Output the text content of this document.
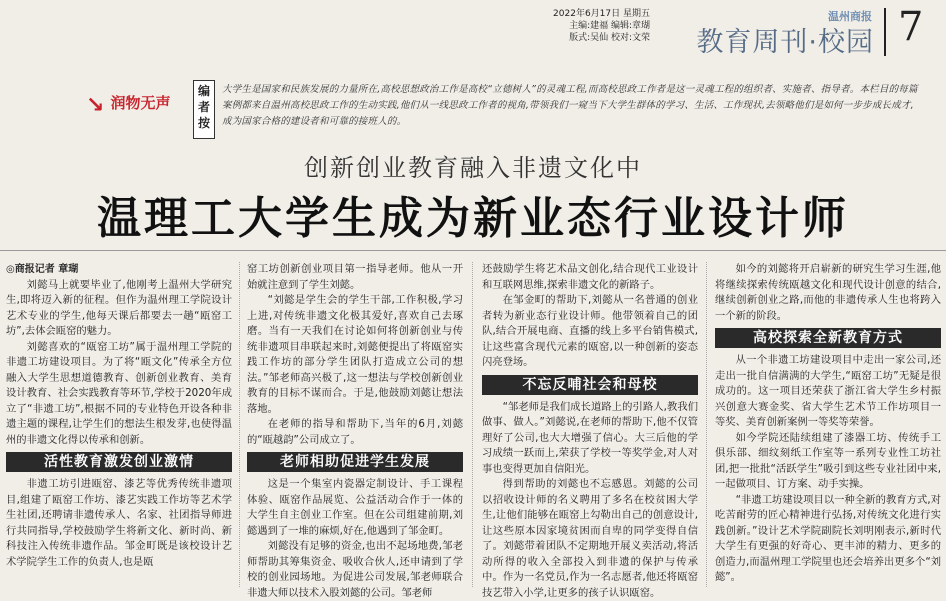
2022年6月17日 星期五
主编:建福 编辑:章瑚
版式:吴仙 校对:文荣
温州商报
教育周刊·校园 7
↘ 润物无声
编者按
大学生是国家和民族发展的力量所在,高校思想政治工作是高校“立德树人”的灵魂工程,而高校思政工作者是这一灵魂工程的组织者、实施者、指导者。本栏目的每篇案例都来自温州高校思政工作的生动实践,他们从一线思政工作者的视角,带领我们一窥当下大学生群体的学习、生活、工作现状,去领略他们是如何一步步成长成才,成为国家合格的建设者和可靠的接班人的。
创新创业教育融入非遗文化中
温理工大学生成为新业态行业设计师

◎商报记者 章瑚

刘懿马上就要毕业了,他刚考上温州大学研究生,即将迈入新的征程。但作为温州理工学院设计艺术专业的学生,他每天课后都要去一趟“瓯窑工坊”,去体会瓯窑的魅力。

刘懿喜欢的“瓯窑工坊”属于温州理工学院的非遗工坊建设项目。为了将“瓯文化”传承全方位融入大学生思想道德教育、创新创业教育、美育设计教育、社会实践教育等环节,学校于2020年成立了“非遗工坊”,根据不同的专业特色开设各种非遗主题的课程,让学生们的想法生根发芽,也使得温州的非遗文化得以传承和创新。

活性教育激发创业激情

非遗工坊引进瓯窑、漆艺等优秀传统非遗项目,组建了瓯窑工作坊、漆艺实践工作坊等艺术学生社团,还聘请非遗传承人、名家、社团指导师进行共同指导,学校鼓励学生将新文化、新时尚、新科技注入传统非遗作品。邹金町既是该校设计艺术学院学生工作的负责人,也是瓯

窑工坊创新创业项目第一指导老师。他从一开始就注意到了学生刘懿。

“刘懿是学生会的学生干部,工作积极,学习上进,对传统非遗文化极其爱好,喜欢自己去琢磨。当有一天我们在讨论如何将创新创业与传统非遗项目串联起来时,刘懿便提出了将瓯窑实践工作坊的部分学生团队打造成立公司的想法。”邹老师高兴极了,这一想法与学校创新创业教育的目标不谋而合。于是,他鼓励刘懿让想法落地。

在老师的指导和帮助下,当年的6月,刘懿的“瓯越韵”公司成立了。

老师相助促进学生发展

这是一个集室内瓷器定制设计、手工课程体验、瓯窑作品展览、公益活动合作于一体的大学生自主创业工作室。但在公司组建前期,刘懿遇到了一堆的麻烦,好在,他遇到了邹金町。

刘懿没有足够的资金,也出不起场地费,邹老师帮助其筹集资金、吸收合伙人,还申请到了学校的创业园场地。为促进公司发展,邹老师联合非遗大师以技术入股刘懿的公司。邹老师

还鼓励学生将艺术品文创化,结合现代工业设计和互联网思维,探索非遗文化的新路子。

在邹金町的帮助下,刘懿从一名普通的创业者转为新业态行业设计师。他带领着自己的团队,结合开展电商、直播的线上多平台销售模式,让这些富含现代元素的瓯窑,以一种创新的姿态闪亮登场。

不忘反哺社会和母校

“邹老师是我们成长道路上的引路人,教我们做事、做人。”刘懿说,在老师的帮助下,他不仅管理好了公司,也大大增强了信心。大三后他的学习成绩一跃而上,荣获了学校一等奖学金,对人对事也变得更加自信阳光。

得到帮助的刘懿也不忘感恩。刘懿的公司以招收设计师的名义聘用了多名在校贫困大学生,让他们能够在瓯窑上勾勒出自己的创意设计,让这些原本因家境贫困而自卑的同学变得自信了。刘懿带着团队不定期地开展义卖活动,将活动所得的收入全部投入到非遗的保护与传承中。作为一名党员,作为一名志愿者,他还将瓯窑技艺带入小学,让更多的孩子认识瓯窑。

如今的刘懿将开启崭新的研究生学习生涯,他将继续探索传统瓯越文化和现代设计创意的结合,继续创新创业之路,而他的非遗传承人生也将跨入一个新的阶段。

高校探索全新教育方式

从一个非遗工坊建设项目中走出一家公司,还走出一批自信满满的大学生,“瓯窑工坊”无疑是很成功的。这一项目还荣获了浙江省大学生乡村振兴创意大赛金奖、省大学生艺术节工作坊项目一等奖、美育创新案例一等奖等荣誉。

如今学院还陆续组建了漆器工坊、传统手工俱乐部、细纹刻纸工作室等一系列专业性工坊社团,把一批批“活跃学生”吸引到这些专业社团中来,一起做项目、订方案、动手实操。

“非遗工坊建设项目以一种全新的教育方式,对吃苦耐劳的匠心精神进行弘扬,对传统文化进行实践创新。”设计艺术学院副院长刘明刚表示,新时代大学生有更强的好奇心、更丰沛的精力、更多的创造力,而温州理工学院里也还会培养出更多个“刘懿”。
